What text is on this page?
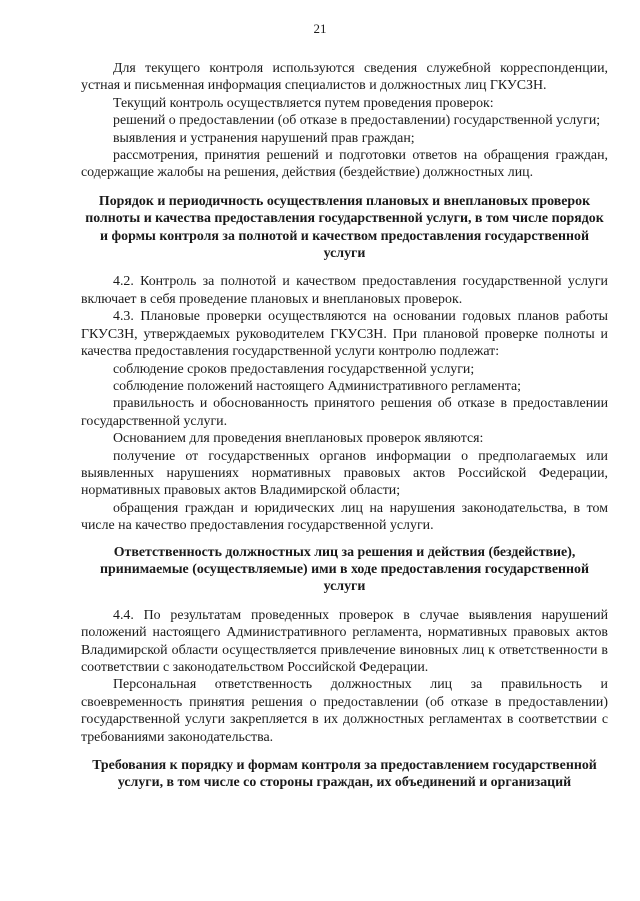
21

Для текущего контроля используются сведения служебной корреспонденции, устная и письменная информация специалистов и должностных лиц ГКУСЗН.

Текущий контроль осуществляется путем проведения проверок:

решений о предоставлении (об отказе в предоставлении) государственной услуги;

выявления и устранения нарушений прав граждан;

рассмотрения, принятия решений и подготовки ответов на обращения граждан, содержащие жалобы на решения, действия (бездействие) должностных лиц.

Порядок и периодичность осуществления плановых и внеплановых проверок полноты и качества предоставления государственной услуги, в том числе порядок и формы контроля за полнотой и качеством предоставления государственной услуги

4.2. Контроль за полнотой и качеством предоставления государственной услуги включает в себя проведение плановых и внеплановых проверок.

4.3. Плановые проверки осуществляются на основании годовых планов работы ГКУСЗН, утверждаемых руководителем ГКУСЗН. При плановой проверке полноты и качества предоставления государственной услуги контролю подлежат:

соблюдение сроков предоставления государственной услуги;

соблюдение положений настоящего Административного регламента;

правильность и обоснованность принятого решения об отказе в предоставлении государственной услуги.

Основанием для проведения внеплановых проверок являются:

получение от государственных органов информации о предполагаемых или выявленных нарушениях нормативных правовых актов Российской Федерации, нормативных правовых актов Владимирской области;

обращения граждан и юридических лиц на нарушения законодательства, в том числе на качество предоставления государственной услуги.

Ответственность должностных лиц за решения и действия (бездействие), принимаемые (осуществляемые) ими в ходе предоставления государственной услуги

4.4. По результатам проведенных проверок в случае выявления нарушений положений настоящего Административного регламента, нормативных правовых актов Владимирской области осуществляется привлечение виновных лиц к ответственности в соответствии с законодательством Российской Федерации.

Персональная ответственность должностных лиц за правильность и своевременность принятия решения о предоставлении (об отказе в предоставлении) государственной услуги закрепляется в их должностных регламентах в соответствии с требованиями законодательства.

Требования к порядку и формам контроля за предоставлением государственной услуги, в том числе со стороны граждан, их объединений и организаций
